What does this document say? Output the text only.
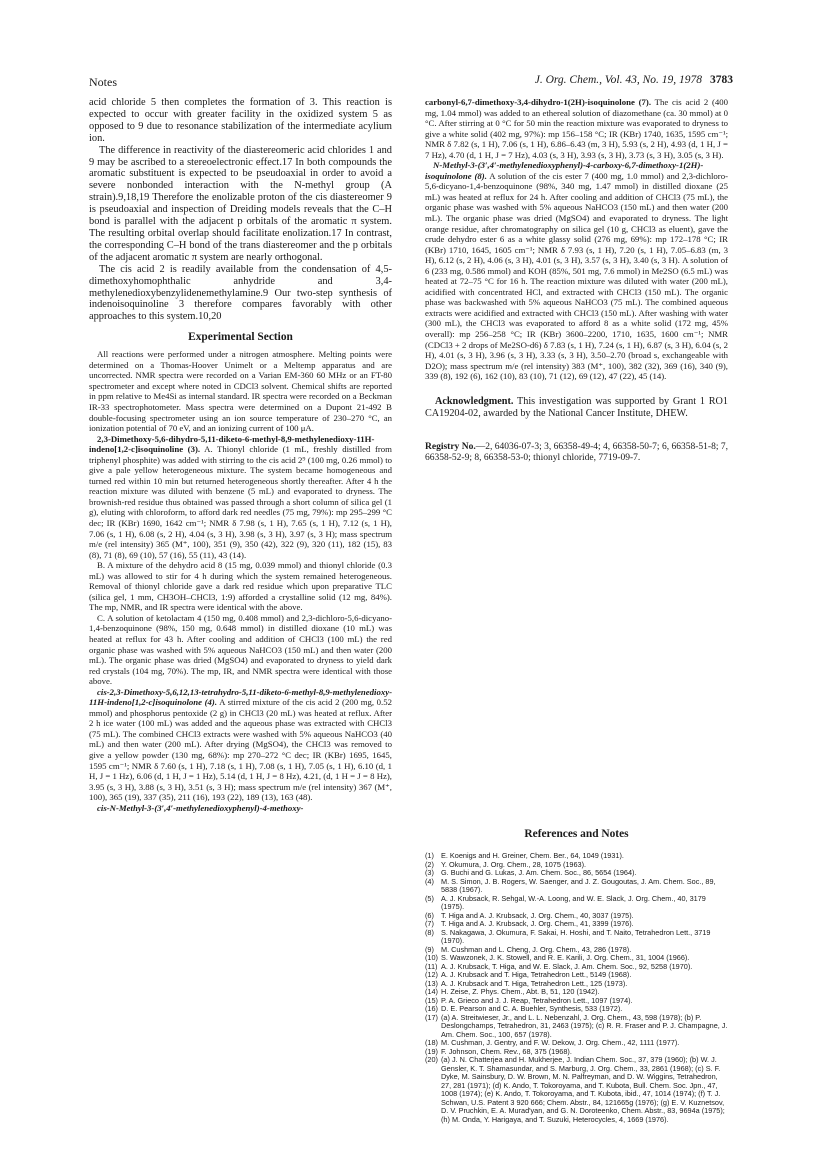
Notes	J. Org. Chem., Vol. 43, No. 19, 1978 3783

acid chloride 5 then completes the formation of 3. This reaction is expected to occur with greater facility in the oxidized system 5 as opposed to 9 due to resonance stabilization of the intermediate acylium ion.

The difference in reactivity of the diastereomeric acid chlorides 1 and 9 may be ascribed to a stereoelectronic effect.17 In both compounds the aromatic substituent is expected to be pseudoaxial in order to avoid a severe nonbonded interaction with the N-methyl group (A strain).9,18,19 Therefore the enolizable proton of the cis diastereomer 9 is pseudoaxial and inspection of Dreiding models reveals that the C–H bond is parallel with the adjacent p orbitals of the aromatic π system. The resulting orbital overlap should facilitate enolization.17 In contrast, the corresponding C–H bond of the trans diastereomer and the p orbitals of the adjacent aromatic π system are nearly orthogonal.

The cis acid 2 is readily available from the condensation of 4,5-dimethoxyhomophthalic anhydride and 3,4-methylenedioxybenzylidenemethylamine.9 Our two-step synthesis of indenoisoquinoline 3 therefore compares favorably with other approaches to this system.10,20

Experimental Section

All reactions were performed under a nitrogen atmosphere. Melting points were determined on a Thomas-Hoover Unimelt or a Meltemp apparatus and are uncorrected. NMR spectra were recorded on a Varian EM-360 60 MHz or an FT-80 spectrometer and except where noted in CDCl3 solvent. Chemical shifts are reported in ppm relative to Me4Si as internal standard. IR spectra were recorded on a Beckman IR-33 spectrophotometer. Mass spectra were determined on a Dupont 21-492 B double-focusing spectrometer using an ion source temperature of 230–270 °C, an ionization potential of 70 eV, and an ionizing current of 100 μA.

2,3-Dimethoxy-5,6-dihydro-5,11-diketo-6-methyl-8,9-methylenedioxy-11H-indeno[1,2-c]isoquinoline (3). A. Thionyl chloride (1 mL, freshly distilled from triphenyl phosphite) was added with stirring to the cis acid 2⁹ (100 mg, 0.26 mmol) to give a pale yellow heterogeneous mixture. The system became homogeneous and turned red within 10 min but returned heterogeneous shortly thereafter. After 4 h the reaction mixture was diluted with benzene (5 mL) and evaporated to dryness. The brownish-red residue thus obtained was passed through a short column of silica gel (1 g), eluting with chloroform, to afford dark red needles (75 mg, 79%): mp 295–299 °C dec; IR (KBr) 1690, 1642 cm⁻¹; NMR δ 7.98 (s, 1 H), 7.65 (s, 1 H), 7.12 (s, 1 H), 7.06 (s, 1 H), 6.08 (s, 2 H), 4.04 (s, 3 H), 3.98 (s, 3 H), 3.97 (s, 3 H); mass spectrum m/e (rel intensity) 365 (M⁺, 100), 351 (9), 350 (42), 322 (9), 320 (11), 182 (15), 83 (8), 71 (8), 69 (10), 57 (16), 55 (11), 43 (14).

B. A mixture of the dehydro acid 8 (15 mg, 0.039 mmol) and thionyl chloride (0.3 mL) was allowed to stir for 4 h during which the system remained heterogeneous. Removal of thionyl chloride gave a dark red residue which upon preparative TLC (silica gel, 1 mm, CH3OH–CHCl3, 1:9) afforded a crystalline solid (12 mg, 84%). The mp, NMR, and IR spectra were identical with the above.

C. A solution of ketolactam 4 (150 mg, 0.408 mmol) and 2,3-dichloro-5,6-dicyano-1,4-benzoquinone (98%, 150 mg, 0.648 mmol) in distilled dioxane (10 mL) was heated at reflux for 43 h. After cooling and addition of CHCl3 (100 mL) the red organic phase was washed with 5% aqueous NaHCO3 (150 mL) and then water (200 mL). The organic phase was dried (MgSO4) and evaporated to dryness to yield dark red crystals (104 mg, 70%). The mp, IR, and NMR spectra were identical with those above.

cis-2,3-Dimethoxy-5,6,12,13-tetrahydro-5,11-diketo-6-methyl-8,9-methylenedioxy-11H-indeno[1,2-c]isoquinolone (4). A stirred mixture of the cis acid 2 (200 mg, 0.52 mmol) and phosphorus pentoxide (2 g) in CHCl3 (20 mL) was heated at reflux. After 2 h ice water (100 mL) was added and the aqueous phase was extracted with CHCl3 (75 mL). The combined CHCl3 extracts were washed with 5% aqueous NaHCO3 (40 mL) and then water (200 mL). After drying (MgSO4), the CHCl3 was removed to give a yellow powder (130 mg, 68%): mp 270–272 °C dec; IR (KBr) 1695, 1645, 1595 cm⁻¹; NMR δ 7.60 (s, 1 H), 7.18 (s, 1 H), 7.08 (s, 1 H), 7.05 (s, 1 H), 6.10 (d, 1 H, J = 1 Hz), 6.06 (d, 1 H, J = 1 Hz), 5.14 (d, 1 H, J = 8 Hz), 4.21, (d, 1 H = J = 8 Hz), 3.95 (s, 3 H), 3.88 (s, 3 H), 3.51 (s, 3 H); mass spectrum m/e (rel intensity) 367 (M⁺, 100), 365 (19), 337 (35), 211 (16), 193 (22), 189 (13), 163 (48).

cis-N-Methyl-3-(3′,4′-methylenedioxyphenyl)-4-methoxy-

carbonyl-6,7-dimethoxy-3,4-dihydro-1(2H)-isoquinolone (7). The cis acid 2 (400 mg, 1.04 mmol) was added to an ethereal solution of diazomethane (ca. 30 mmol) at 0 °C. After stirring at 0 °C for 50 min the reaction mixture was evaporated to dryness to give a white solid (402 mg, 97%): mp 156–158 °C; IR (KBr) 1740, 1635, 1595 cm⁻¹; NMR δ 7.82 (s, 1 H), 7.06 (s, 1 H), 6.86–6.43 (m, 3 H), 5.93 (s, 2 H), 4.93 (d, 1 H, J = 7 Hz), 4.70 (d, 1 H, J = 7 Hz), 4.03 (s, 3 H), 3.93 (s, 3 H), 3.73 (s, 3 H), 3.05 (s, 3 H).

N-Methyl-3-(3′,4′-methylenedioxyphenyl)-4-carboxy-6,7-dimethoxy-1(2H)-isoquinolone (8). A solution of the cis ester 7 (400 mg, 1.0 mmol) and 2,3-dichloro-5,6-dicyano-1,4-benzoquinone (98%, 340 mg, 1.47 mmol) in distilled dioxane (25 mL) was heated at reflux for 24 h. After cooling and addition of CHCl3 (75 mL), the organic phase was washed with 5% aqueous NaHCO3 (150 mL) and then water (200 mL). The organic phase was dried (MgSO4) and evaporated to dryness. The light orange residue, after chromatography on silica gel (10 g, CHCl3 as eluent), gave the crude dehydro ester 6 as a white glassy solid (276 mg, 69%): mp 172–178 °C; IR (KBr) 1710, 1645, 1605 cm⁻¹; NMR δ 7.93 (s, 1 H), 7.20 (s, 1 H), 7.05–6.83 (m, 3 H), 6.12 (s, 2 H), 4.06 (s, 3 H), 4.01 (s, 3 H), 3.57 (s, 3 H), 3.40 (s, 3 H). A solution of 6 (233 mg, 0.586 mmol) and KOH (85%, 501 mg, 7.6 mmol) in Me2SO (6.5 mL) was heated at 72–75 °C for 16 h. The reaction mixture was diluted with water (200 mL), acidified with concentrated HCl, and extracted with CHCl3 (150 mL). The organic phase was backwashed with 5% aqueous NaHCO3 (75 mL). The combined aqueous extracts were acidified and extracted with CHCl3 (150 mL). After washing with water (300 mL), the CHCl3 was evaporated to afford 8 as a white solid (172 mg, 45% overall): mp 256–258 °C; IR (KBr) 3600–2200, 1710, 1635, 1600 cm⁻¹; NMR (CDCl3 + 2 drops of Me2SO-d6) δ 7.83 (s, 1 H), 7.24 (s, 1 H), 6.87 (s, 3 H), 6.04 (s, 2 H), 4.01 (s, 3 H), 3.96 (s, 3 H), 3.33 (s, 3 H), 3.50–2.70 (broad s, exchangeable with D2O); mass spectrum m/e (rel intensity) 383 (M⁺, 100), 382 (32), 369 (16), 340 (9), 339 (8), 192 (6), 162 (10), 83 (10), 71 (12), 69 (12), 47 (22), 45 (14).

Acknowledgment. This investigation was supported by Grant 1 RO1 CA19204-02, awarded by the National Cancer Institute, DHEW.
Registry No.—2, 64036-07-3; 3, 66358-49-4; 4, 66358-50-7; 6, 66358-51-8; 7, 66358-52-9; 8, 66358-53-0; thionyl chloride, 7719-09-7.
References and Notes
(1) E. Koenigs and H. Greiner, Chem. Ber., 64, 1049 (1931).
(2) Y. Okumura, J. Org. Chem., 28, 1075 (1963).
(3) G. Buchi and G. Lukas, J. Am. Chem. Soc., 86, 5654 (1964).
(4) M. S. Simon, J. B. Rogers, W. Saenger, and J. Z. Gougoutas, J. Am. Chem. Soc., 89, 5838 (1967).
(5) A. J. Krubsack, R. Sehgal, W.-A. Loong, and W. E. Slack, J. Org. Chem., 40, 3179 (1975).
(6) T. Higa and A. J. Krubsack, J. Org. Chem., 40, 3037 (1975).
(7) T. Higa and A. J. Krubsack, J. Org. Chem., 41, 3399 (1976).
(8) S. Nakagawa, J. Okumura, F. Sakai, H. Hoshi, and T. Naito, Tetrahedron Lett., 3719 (1970).
(9) M. Cushman and L. Cheng, J. Org. Chem., 43, 286 (1978).
(10) S. Wawzonek, J. K. Stowell, and R. E. Karili, J. Org. Chem., 31, 1004 (1966).
(11) A. J. Krubsack, T. Higa, and W. E. Slack, J. Am. Chem. Soc., 92, 5258 (1970).
(12) A. J. Krubsack and T. Higa, Tetrahedron Lett., 5149 (1968).
(13) A. J. Krubsack and T. Higa, Tetrahedron Lett., 125 (1973).
(14) H. Zeise, Z. Phys. Chem., Abt. B, 51, 120 (1942).
(15) P. A. Grieco and J. J. Reap, Tetrahedron Lett., 1097 (1974).
(16) D. E. Pearson and C. A. Buehler, Synthesis, 533 (1972).
(17) (a) A. Streitwieser, Jr., and L. L. Nebenzahl, J. Org. Chem., 43, 598 (1978); (b) P. Deslongchamps, Tetrahedron, 31, 2463 (1975); (c) R. R. Fraser and P. J. Champagne, J. Am. Chem. Soc., 100, 657 (1978).
(18) M. Cushman, J. Gentry, and F. W. Dekow, J. Org. Chem., 42, 1111 (1977).
(19) F. Johnson, Chem. Rev., 68, 375 (1968).
(20) (a) J. N. Chatterjea and H. Mukherjee, J. Indian Chem. Soc., 37, 379 (1960); (b) W. J. Gensler, K. T. Shamasundar, and S. Marburg, J. Org. Chem., 33, 2861 (1968); (c) S. F. Dyke, M. Sainsbury, D. W. Brown, M. N. Palfreyman, and D. W. Wiggins, Tetrahedron, 27, 281 (1971); (d) K. Ando, T. Tokoroyama, and T. Kubota, Bull. Chem. Soc. Jpn., 47, 1008 (1974); (e) K. Ando, T. Tokoroyama, and T. Kubota, ibid., 47, 1014 (1974); (f) T. J. Schwan, U.S. Patent 3 920 666; Chem. Abstr., 84, 121665g (1976); (g) E. V. Kuznetsov, D. V. Pruchkin, E. A. Murad'yan, and G. N. Doroteenko, Chem. Abstr., 83, 9694a (1975); (h) M. Onda, Y. Harigaya, and T. Suzuki, Heterocycles, 4, 1669 (1976).
